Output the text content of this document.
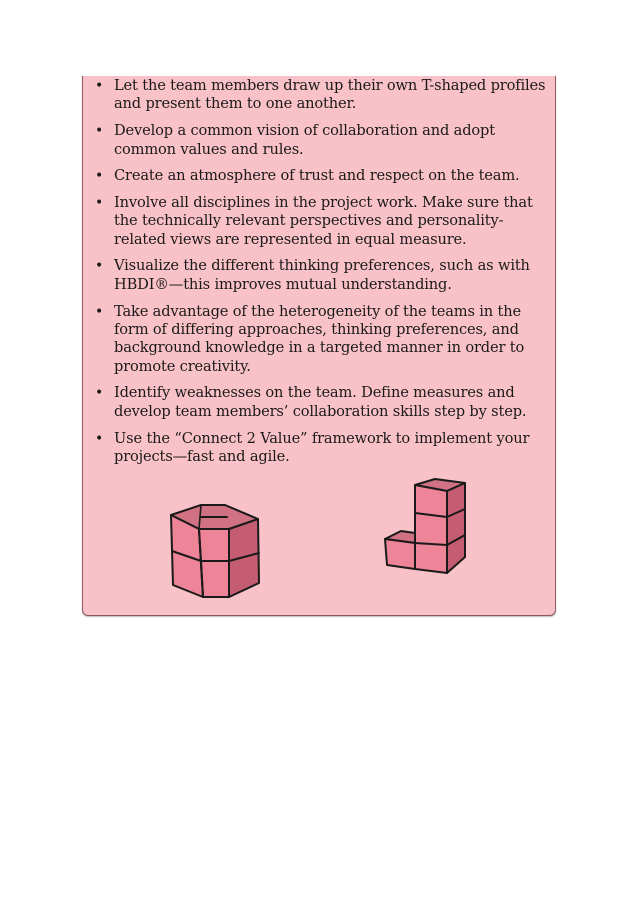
• Let the team members draw up their own T-shaped profiles and present them to one another.
• Develop a common vision of collaboration and adopt common values and rules.
• Create an atmosphere of trust and respect on the team.
• Involve all disciplines in the project work. Make sure that the technically relevant perspectives and personality-related views are represented in equal measure.
• Visualize the different thinking preferences, such as with HBDI®—this improves mutual understanding.
• Take advantage of the heterogeneity of the teams in the form of differing approaches, thinking preferences, and background knowledge in a targeted manner in order to promote creativity.
• Identify weaknesses on the team. Define measures and develop team members’ collaboration skills step by step.
• Use the “Connect 2 Value” framework to implement your projects—fast and agile.
